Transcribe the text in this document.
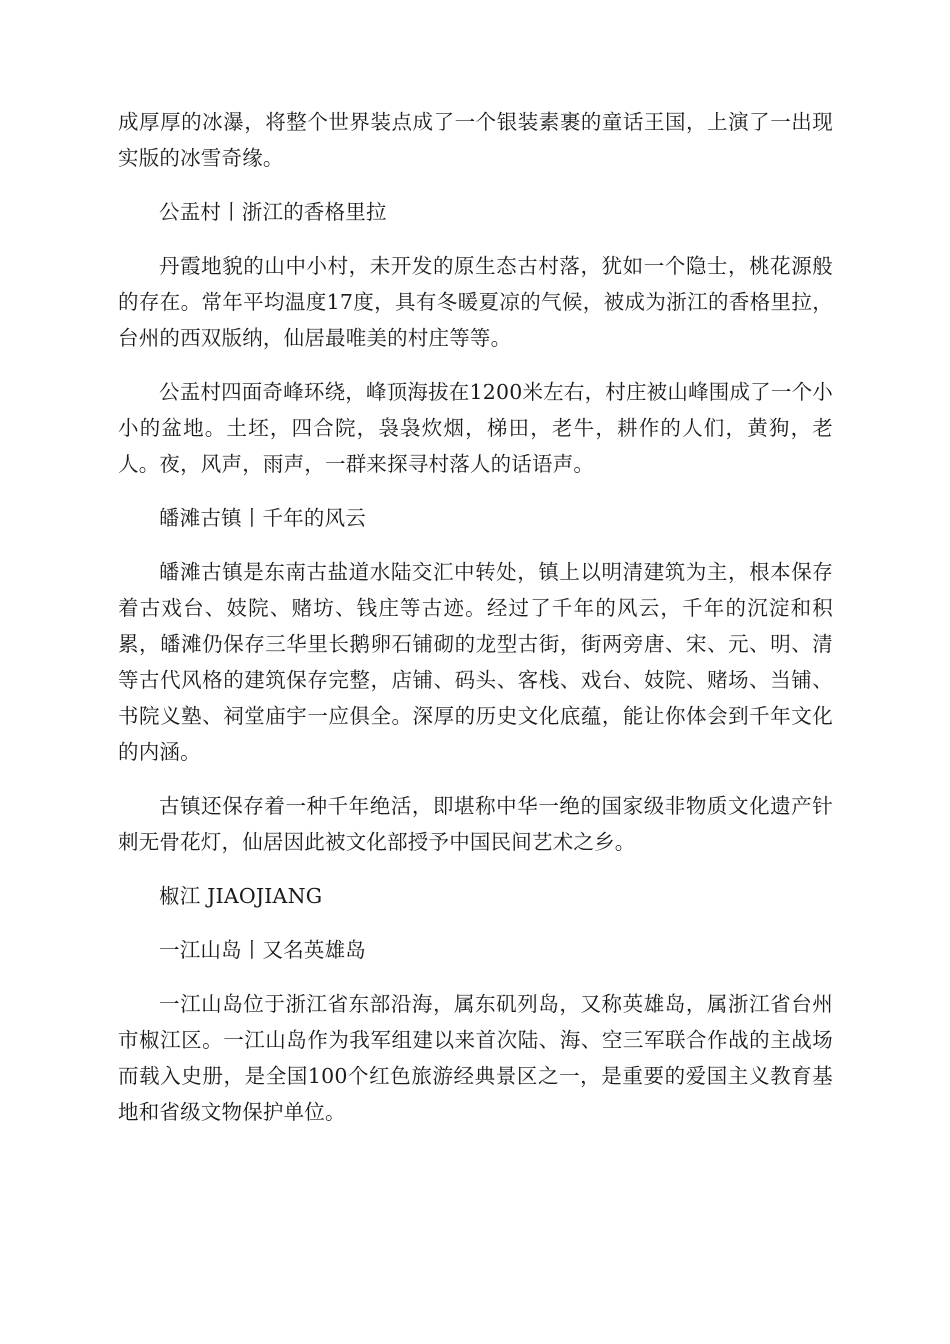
成厚厚的冰瀑，将整个世界装点成了一个银装素裹的童话王国，上演了一出现实版的冰雪奇缘。

公盂村丨浙江的香格里拉

丹霞地貌的山中小村，未开发的原生态古村落，犹如一个隐士，桃花源般的存在。常年平均温度17度，具有冬暖夏凉的气候，被成为浙江的香格里拉，台州的西双版纳，仙居最唯美的村庄等等。

公盂村四面奇峰环绕，峰顶海拔在1200米左右，村庄被山峰围成了一个小小的盆地。土坯，四合院，袅袅炊烟，梯田，老牛，耕作的人们，黄狗，老人。夜，风声，雨声，一群来探寻村落人的话语声。

皤滩古镇丨千年的风云

皤滩古镇是东南古盐道水陆交汇中转处，镇上以明清建筑为主，根本保存着古戏台、妓院、赌坊、钱庄等古迹。经过了千年的风云，千年的沉淀和积累，皤滩仍保存三华里长鹅卵石铺砌的龙型古街，街两旁唐、宋、元、明、清等古代风格的建筑保存完整，店铺、码头、客栈、戏台、妓院、赌场、当铺、书院义塾、祠堂庙宇一应俱全。深厚的历史文化底蕴，能让你体会到千年文化的内涵。

古镇还保存着一种千年绝活，即堪称中华一绝的国家级非物质文化遗产针刺无骨花灯，仙居因此被文化部授予中国民间艺术之乡。

椒江 JIAOJIANG

一江山岛丨又名英雄岛

一江山岛位于浙江省东部沿海，属东矶列岛，又称英雄岛，属浙江省台州市椒江区。一江山岛作为我军组建以来首次陆、海、空三军联合作战的主战场而载入史册，是全国100个红色旅游经典景区之一，是重要的爱国主义教育基地和省级文物保护单位。
